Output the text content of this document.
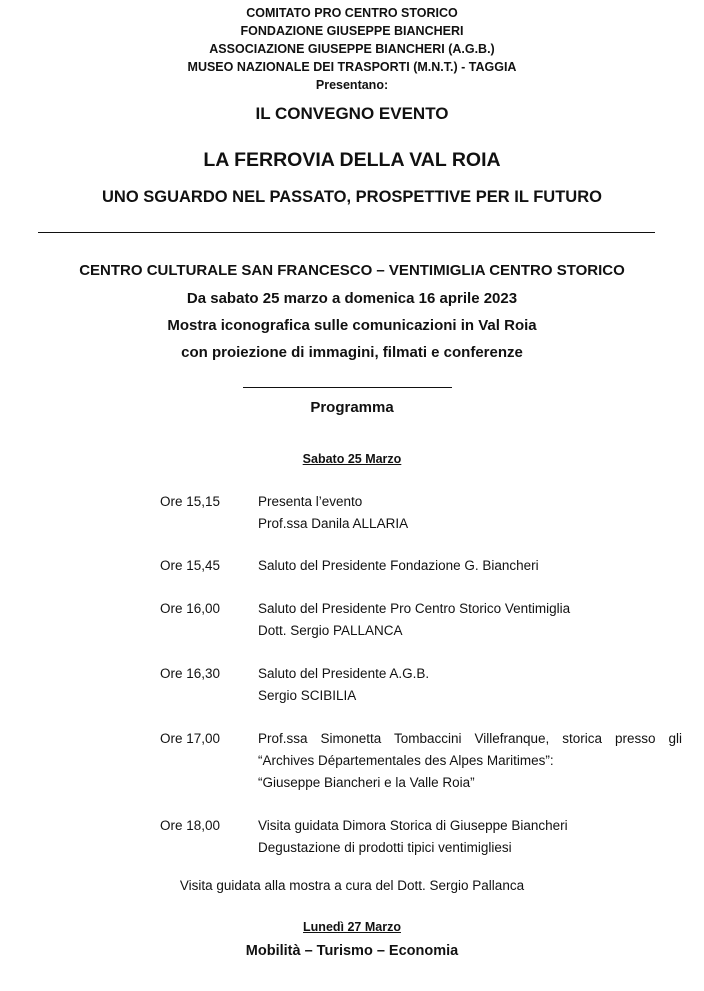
COMITATO PRO CENTRO STORICO
FONDAZIONE GIUSEPPE BIANCHERI
ASSOCIAZIONE GIUSEPPE BIANCHERI (A.G.B.)
MUSEO NAZIONALE DEI TRASPORTI (M.N.T.) - TAGGIA
Presentano:
IL CONVEGNO EVENTO
LA FERROVIA DELLA VAL ROIA
UNO SGUARDO NEL PASSATO, PROSPETTIVE PER IL FUTURO
CENTRO CULTURALE SAN FRANCESCO – VENTIMIGLIA CENTRO STORICO
Da sabato 25 marzo a domenica 16 aprile 2023
Mostra iconografica sulle comunicazioni in Val Roia
con proiezione di immagini, filmati e conferenze
Programma
Sabato 25 Marzo
Ore 15,15	Presenta l’evento
Prof.ssa Danila ALLARIA
Ore 15,45	Saluto del Presidente Fondazione G. Biancheri
Ore 16,00	Saluto del Presidente Pro Centro Storico Ventimiglia
Dott. Sergio PALLANCA
Ore 16,30	Saluto del Presidente A.G.B.
Sergio SCIBILIA
Ore 17,00	Prof.ssa Simonetta Tombaccini Villefranque, storica presso gli
“Archives Départementales des Alpes Maritimes”:
“Giuseppe Biancheri e la Valle Roia”
Ore 18,00	Visita guidata Dimora Storica di Giuseppe Biancheri
Degustazione di prodotti tipici ventimigliesi
Visita guidata alla mostra a cura del Dott. Sergio Pallanca
Lunedì 27 Marzo
Mobilità – Turismo – Economia
